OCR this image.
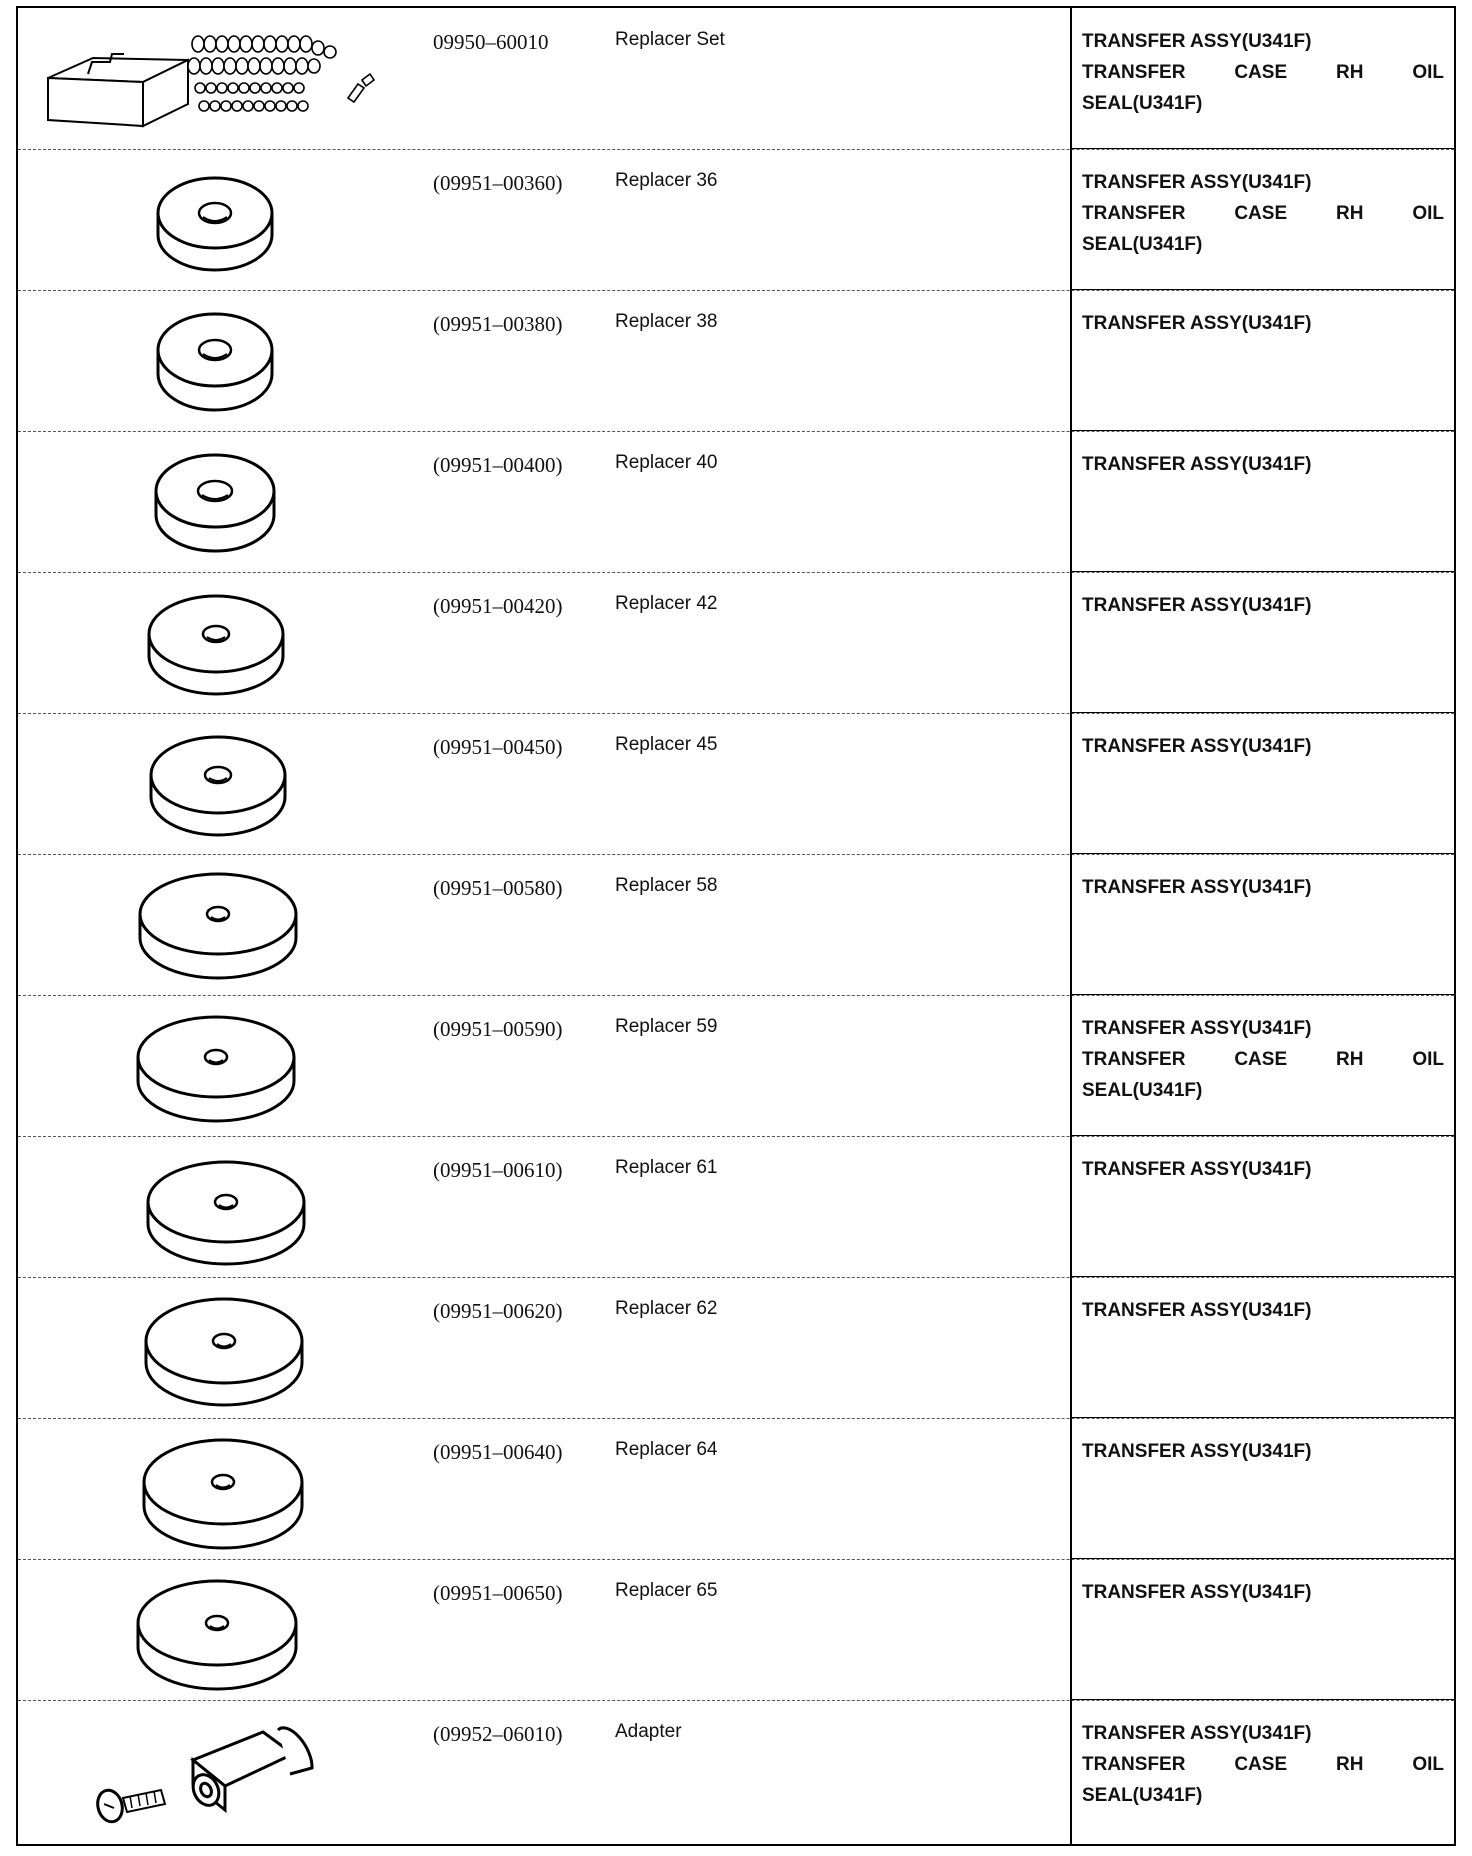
09950–60010	Replacer Set	TRANSFER ASSY(U341F)
TRANSFER	CASE	RH	OIL
SEAL(U341F)
(09951–00360)	Replacer 36	TRANSFER ASSY(U341F)
TRANSFER	CASE	RH	OIL
SEAL(U341F)
(09951–00380)	Replacer 38	TRANSFER ASSY(U341F)
(09951–00400)	Replacer 40	TRANSFER ASSY(U341F)
(09951–00420)	Replacer 42	TRANSFER ASSY(U341F)
(09951–00450)	Replacer 45	TRANSFER ASSY(U341F)
(09951–00580)	Replacer 58	TRANSFER ASSY(U341F)
(09951–00590)	Replacer 59	TRANSFER ASSY(U341F)
TRANSFER	CASE	RH	OIL
SEAL(U341F)
(09951–00610)	Replacer 61	TRANSFER ASSY(U341F)
(09951–00620)	Replacer 62	TRANSFER ASSY(U341F)
(09951–00640)	Replacer 64	TRANSFER ASSY(U341F)
(09951–00650)	Replacer 65	TRANSFER ASSY(U341F)
(09952–06010)	Adapter	TRANSFER ASSY(U341F)
TRANSFER	CASE	RH	OIL
SEAL(U341F)
